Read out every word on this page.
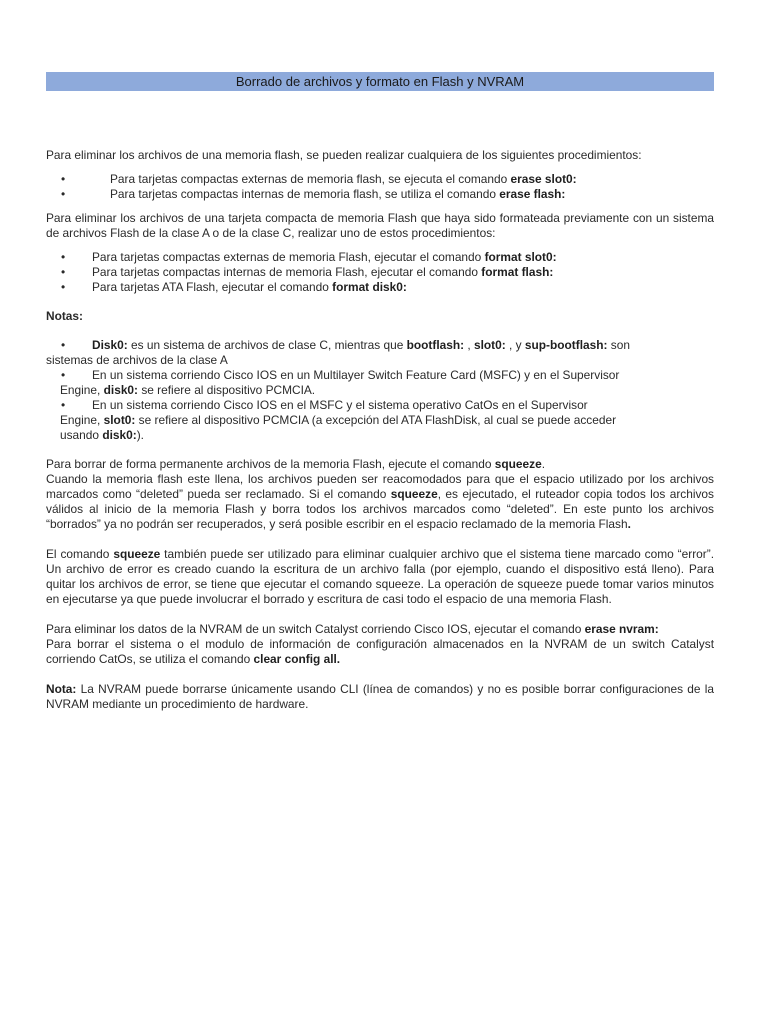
Borrado de archivos y formato en Flash y NVRAM

Para eliminar los archivos de una memoria flash, se pueden realizar cualquiera de los siguientes procedimientos:

•	Para tarjetas compactas externas de memoria flash, se ejecuta el comando erase slot0:
•	Para tarjetas compactas internas de memoria flash, se utiliza el comando erase flash:

Para eliminar los archivos de una tarjeta compacta de memoria Flash que haya sido formateada previamente con un sistema de archivos Flash de la clase A o de la clase C, realizar uno de estos procedimientos:

• Para tarjetas compactas externas de memoria Flash, ejecutar el comando format slot0:
• Para tarjetas compactas internas de memoria Flash, ejecutar el comando format flash:
• Para tarjetas ATA Flash, ejecutar el comando format disk0:

Notas:

• Disk0: es un sistema de archivos de clase C, mientras que bootflash: , slot0: , y sup-bootflash: son
sistemas de archivos de la clase A

• En un sistema corriendo Cisco IOS en un Multilayer Switch Feature Card (MSFC) y en el Supervisor
Engine, disk0: se refiere al dispositivo PCMCIA.

• En un sistema corriendo Cisco IOS en el MSFC y el sistema operativo CatOs en el Supervisor
Engine, slot0: se refiere al dispositivo PCMCIA (a excepción del ATA FlashDisk, al cual se puede acceder
usando disk0:).

Para borrar de forma permanente archivos de la memoria Flash, ejecute el comando squeeze.

Cuando la memoria flash este llena, los archivos pueden ser reacomodados para que el espacio utilizado por los archivos marcados como “deleted” pueda ser reclamado. Si el comando squeeze, es ejecutado, el ruteador copia todos los archivos válidos al inicio de la memoria Flash y borra todos los archivos marcados como “deleted”. En este punto los archivos “borrados” ya no podrán ser recuperados, y será posible escribir en el espacio reclamado de la memoria Flash.

El comando squeeze también puede ser utilizado para eliminar cualquier archivo que el sistema tiene marcado como “error”. Un archivo de error es creado cuando la escritura de un archivo falla (por ejemplo, cuando el dispositivo está lleno). Para quitar los archivos de error, se tiene que ejecutar el comando squeeze. La operación de squeeze puede tomar varios minutos en ejecutarse ya que puede involucrar el borrado y escritura de casi todo el espacio de una memoria Flash.

Para eliminar los datos de la NVRAM de un switch Catalyst corriendo Cisco IOS, ejecutar el comando erase nvram:

Para borrar el sistema o el modulo de información de configuración almacenados en la NVRAM de un switch Catalyst corriendo CatOs, se utiliza el comando clear config all.

Nota: La NVRAM puede borrarse únicamente usando CLI (línea de comandos) y no es posible borrar configuraciones de la NVRAM mediante un procedimiento de hardware.
